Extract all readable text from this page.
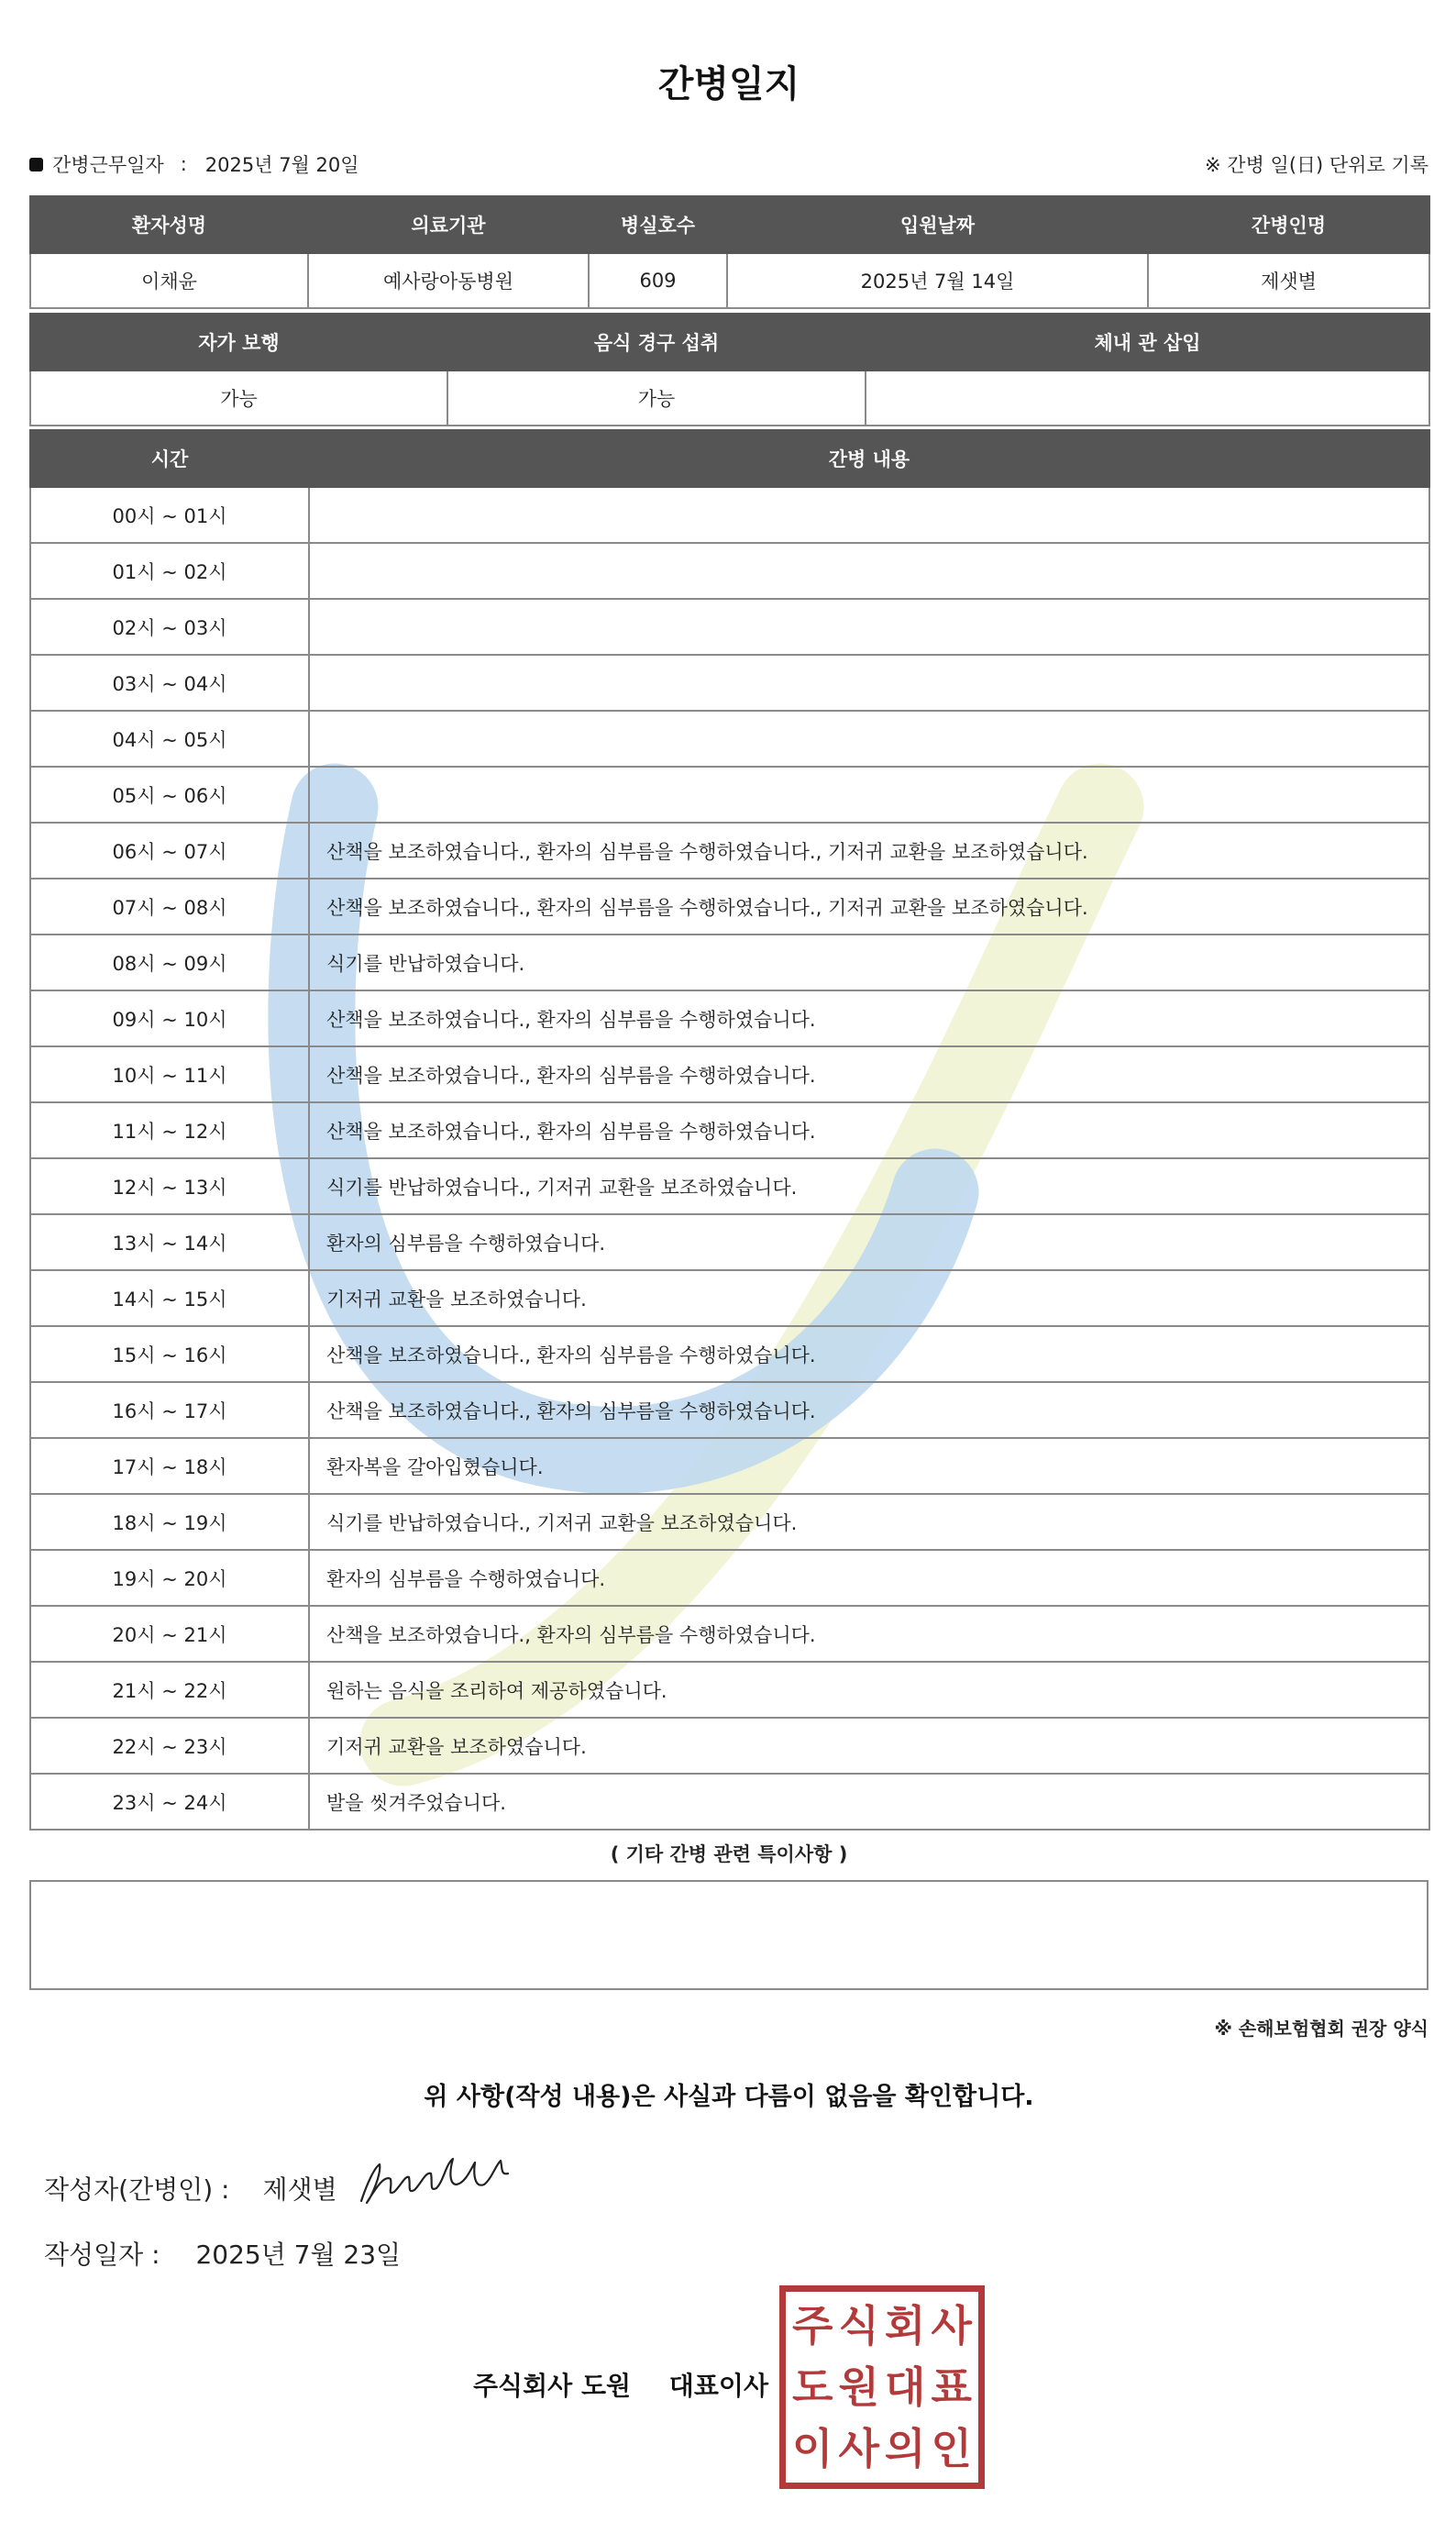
간병일지
간병근무일자 : 2025년 7월 20일	※ 간병 일(日) 단위로 기록
환자성명	의료기관	병실호수	입원날짜	간병인명
이채윤	예사랑아동병원	609	2025년 7월 14일	제샛별
자가 보행	음식 경구 섭취	체내 관 삽입
가능	가능	
시간	간병 내용
00시 ~ 01시	
01시 ~ 02시	
02시 ~ 03시	
03시 ~ 04시	
04시 ~ 05시	
05시 ~ 06시	
06시 ~ 07시	산책을 보조하였습니다., 환자의 심부름을 수행하였습니다., 기저귀 교환을 보조하였습니다.
07시 ~ 08시	산책을 보조하였습니다., 환자의 심부름을 수행하였습니다., 기저귀 교환을 보조하였습니다.
08시 ~ 09시	식기를 반납하였습니다.
09시 ~ 10시	산책을 보조하였습니다., 환자의 심부름을 수행하였습니다.
10시 ~ 11시	산책을 보조하였습니다., 환자의 심부름을 수행하였습니다.
11시 ~ 12시	산책을 보조하였습니다., 환자의 심부름을 수행하였습니다.
12시 ~ 13시	식기를 반납하였습니다., 기저귀 교환을 보조하였습니다.
13시 ~ 14시	환자의 심부름을 수행하였습니다.
14시 ~ 15시	기저귀 교환을 보조하였습니다.
15시 ~ 16시	산책을 보조하였습니다., 환자의 심부름을 수행하였습니다.
16시 ~ 17시	산책을 보조하였습니다., 환자의 심부름을 수행하였습니다.
17시 ~ 18시	환자복을 갈아입혔습니다.
18시 ~ 19시	식기를 반납하였습니다., 기저귀 교환을 보조하였습니다.
19시 ~ 20시	환자의 심부름을 수행하였습니다.
20시 ~ 21시	산책을 보조하였습니다., 환자의 심부름을 수행하였습니다.
21시 ~ 22시	원하는 음식을 조리하여 제공하였습니다.
22시 ~ 23시	기저귀 교환을 보조하였습니다.
23시 ~ 24시	발을 씻겨주었습니다.
( 기타 간병 관련 특이사항 )
※ 손해보험협회 권장 양식
위 사항(작성 내용)은 사실과 다름이 없음을 확인합니다.
작성자(간병인) : 제샛별
작성일자 : 2025년 7월 23일
주식회사 도원 대표이사
주 식 회 사
도 원 대 표
이 사 의 인
